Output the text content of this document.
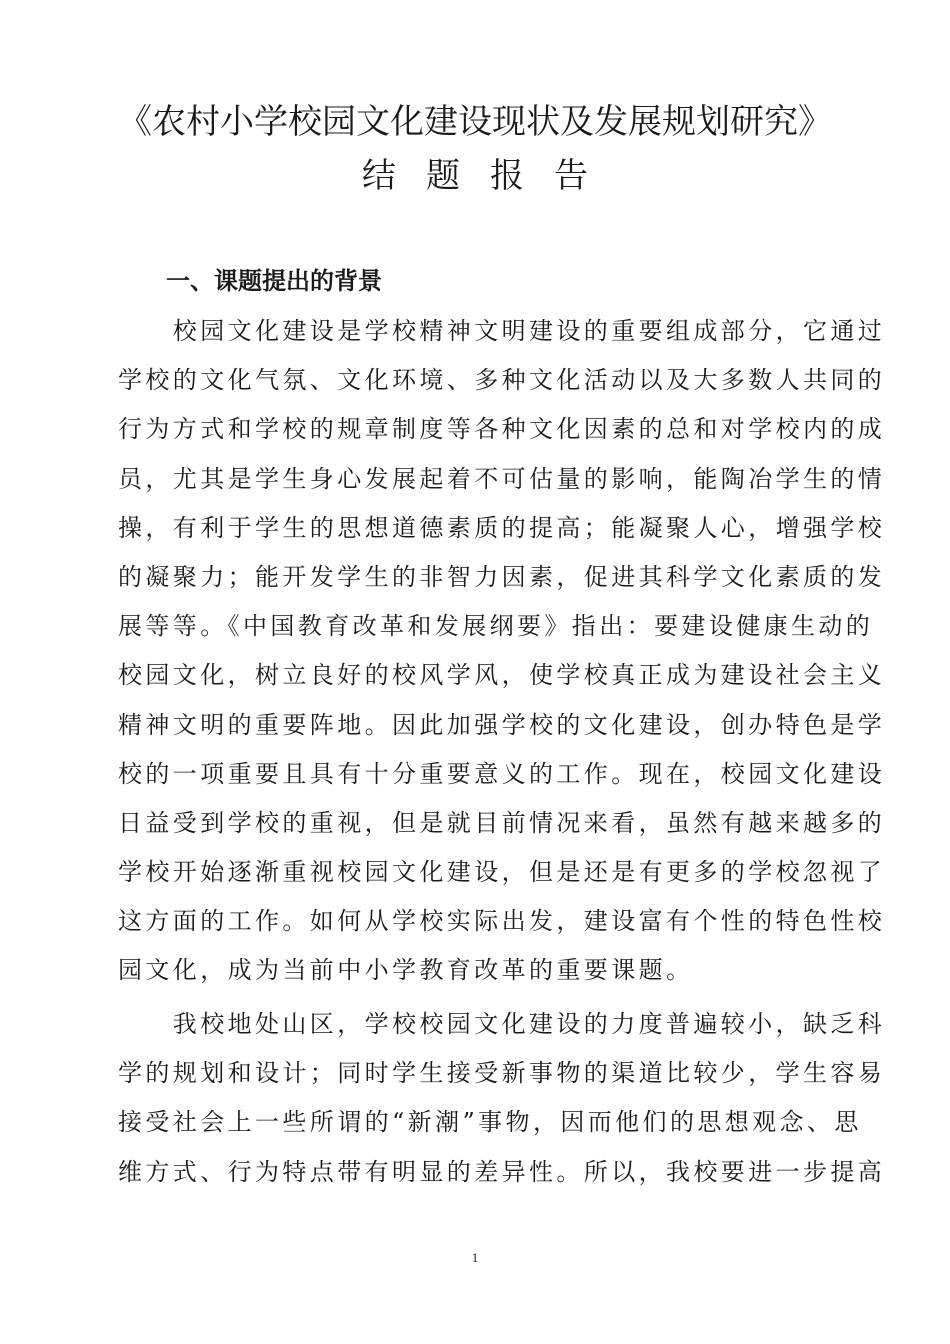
《农村小学校园文化建设现状及发展规划研究》
结题报告
一、课题提出的背景
　　校园文化建设是学校精神文明建设的重要组成部分，它通过
学校的文化气氛、文化环境、多种文化活动以及大多数人共同的
行为方式和学校的规章制度等各种文化因素的总和对学校内的成
员，尤其是学生身心发展起着不可估量的影响，能陶冶学生的情
操，有利于学生的思想道德素质的提高；能凝聚人心，增强学校
的凝聚力；能开发学生的非智力因素，促进其科学文化素质的发
展等等。《中国教育改革和发展纲要》指出：要建设健康生动的
校园文化，树立良好的校风学风，使学校真正成为建设社会主义
精神文明的重要阵地。因此加强学校的文化建设，创办特色是学
校的一项重要且具有十分重要意义的工作。现在，校园文化建设
日益受到学校的重视，但是就目前情况来看，虽然有越来越多的
学校开始逐渐重视校园文化建设，但是还是有更多的学校忽视了
这方面的工作。如何从学校实际出发，建设富有个性的特色性校
园文化，成为当前中小学教育改革的重要课题。
　　我校地处山区，学校校园文化建设的力度普遍较小，缺乏科
学的规划和设计；同时学生接受新事物的渠道比较少，学生容易
接受社会上一些所谓的“新潮”事物，因而他们的思想观念、思
维方式、行为特点带有明显的差异性。所以，我校要进一步提高
1
